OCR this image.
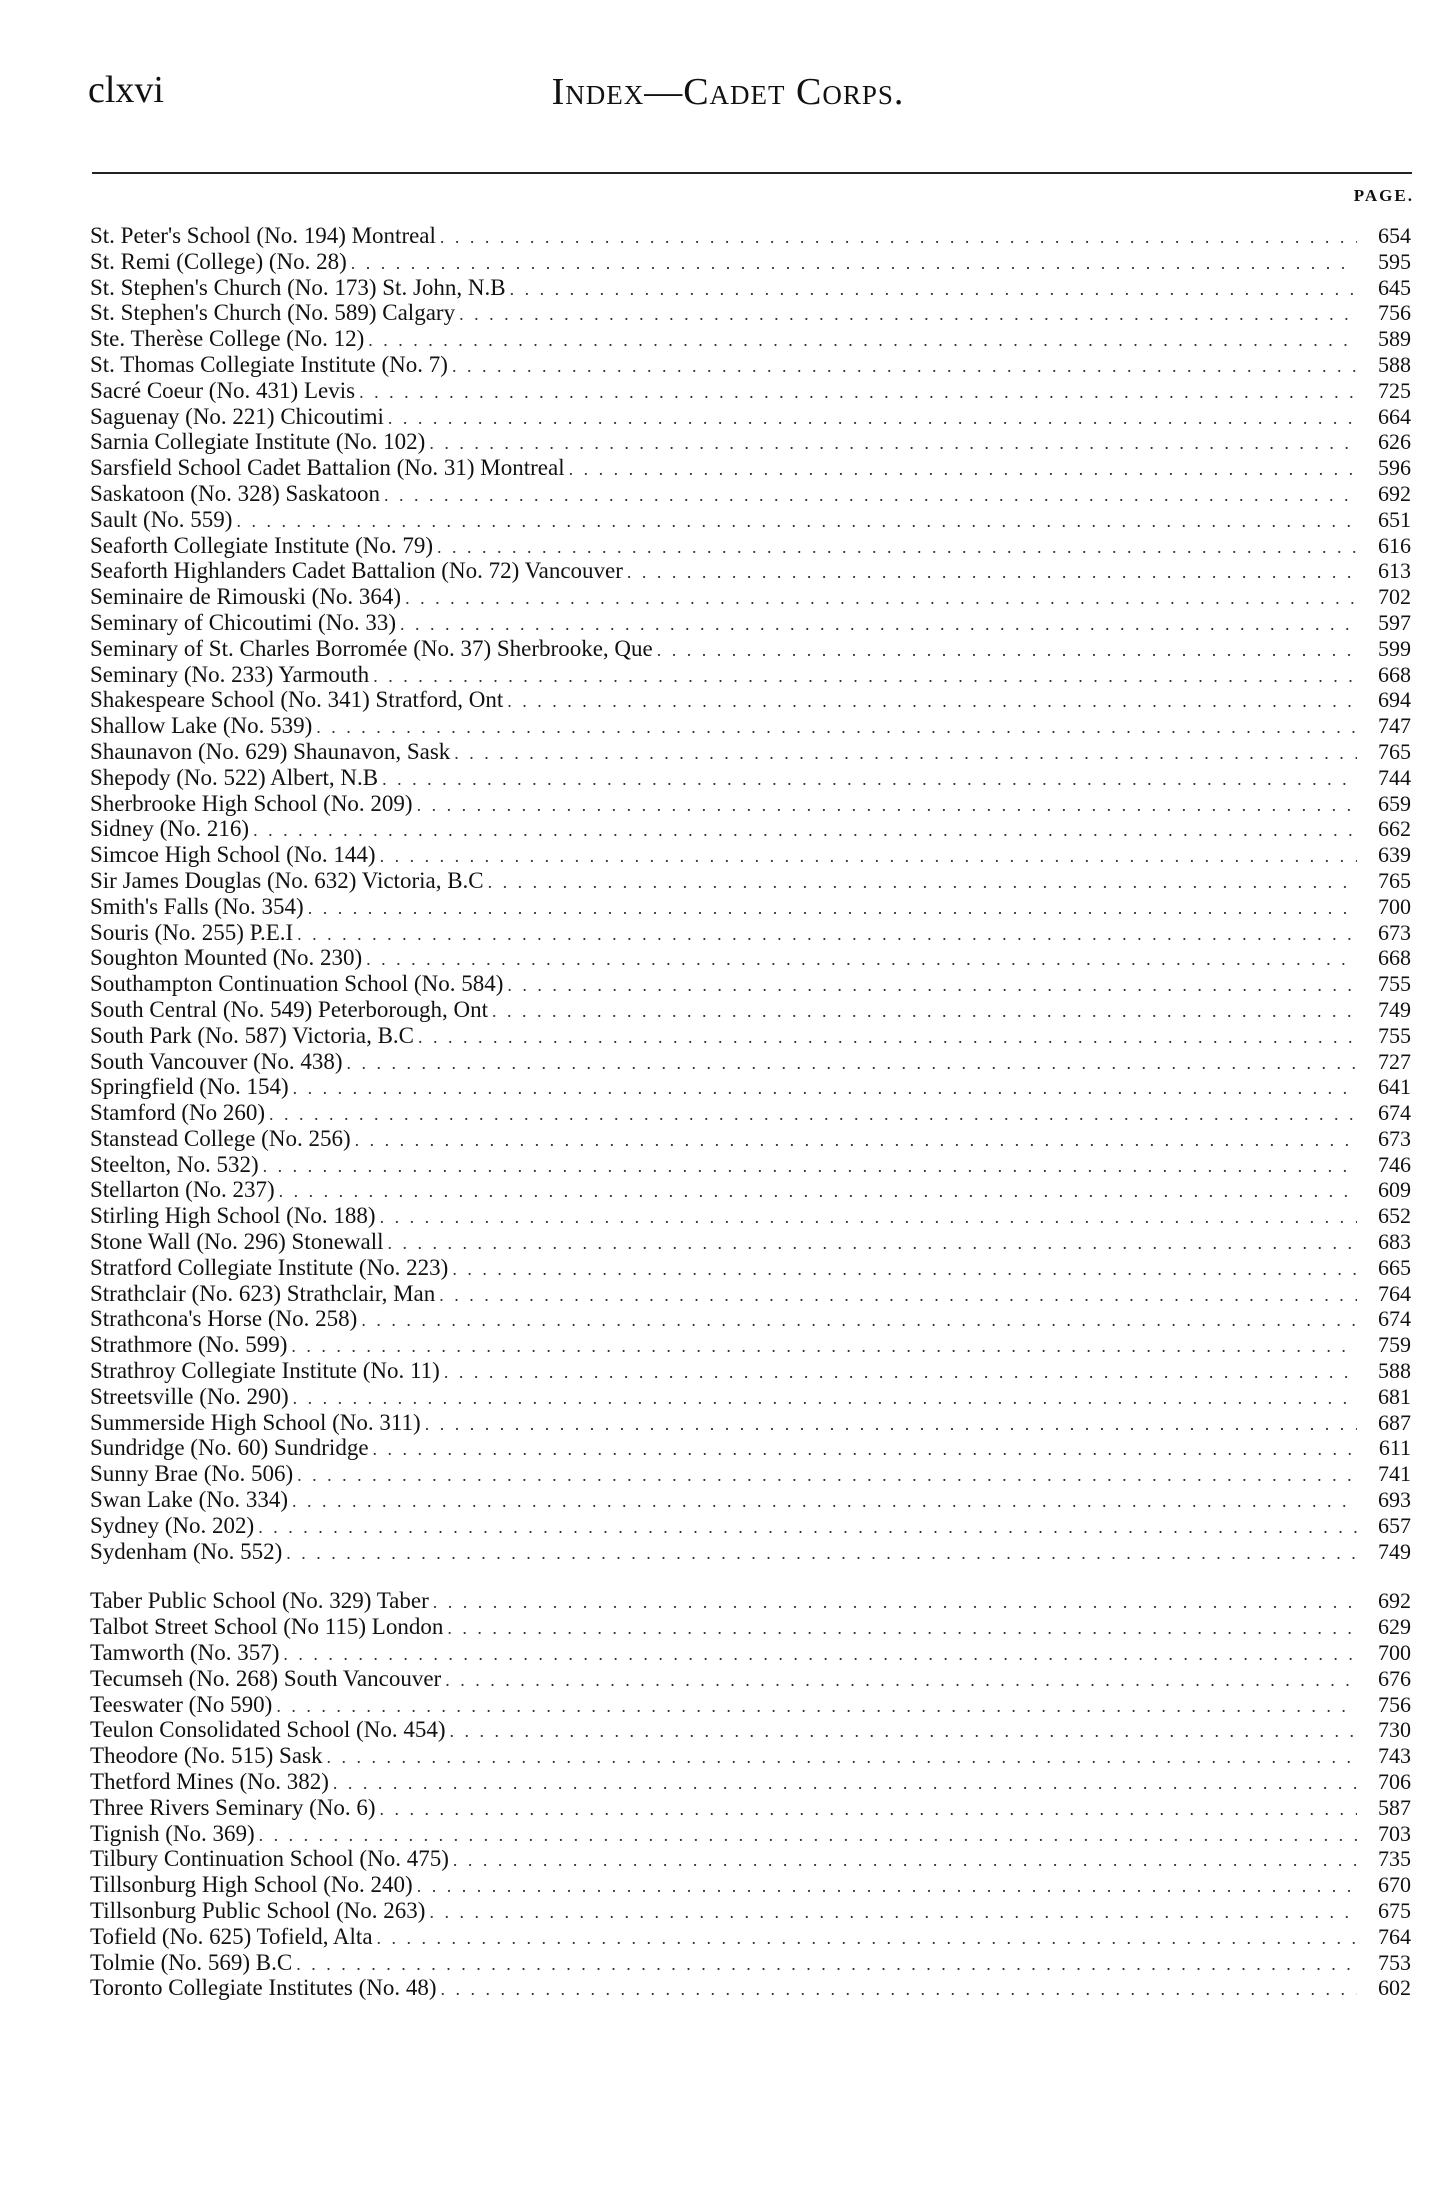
clxvi	Index—Cadet Corps.
PAGE.
St. Peter's School (No. 194) Montreal . . .	654
St. Remi (College) (No. 28) . . .	595
St. Stephen's Church (No. 173) St. John, N.B . . .	645
St. Stephen's Church (No. 589) Calgary . . .	756
Ste. Therèse College (No. 12) . . .	589
St. Thomas Collegiate Institute (No. 7) . . .	588
Sacré Coeur (No. 431) Levis . . .	725
Saguenay (No. 221) Chicoutimi . . .	664
Sarnia Collegiate Institute (No. 102) . . .	626
Sarsfield School Cadet Battalion (No. 31) Montreal . . .	596
Saskatoon (No. 328) Saskatoon . . .	692
Sault (No. 559) . . .	651
Seaforth Collegiate Institute (No. 79) . . .	616
Seaforth Highlanders Cadet Battalion (No. 72) Vancouver . . .	613
Seminaire de Rimouski (No. 364) . . .	702
Seminary of Chicoutimi (No. 33) . . .	597
Seminary of St. Charles Borromée (No. 37) Sherbrooke, Que . . .	599
Seminary (No. 233) Yarmouth . . .	668
Shakespeare School (No. 341) Stratford, Ont . . .	694
Shallow Lake (No. 539) . . .	747
Shaunavon (No. 629) Shaunavon, Sask . . .	765
Shepody (No. 522) Albert, N.B . . .	744
Sherbrooke High School (No. 209) . . .	659
Sidney (No. 216) . . .	662
Simcoe High School (No. 144) . . .	639
Sir James Douglas (No. 632) Victoria, B.C . . .	765
Smith's Falls (No. 354) . . .	700
Souris (No. 255) P.E.I . . .	673
Soughton Mounted (No. 230) . . .	668
Southampton Continuation School (No. 584) . . .	755
South Central (No. 549) Peterborough, Ont . . .	749
South Park (No. 587) Victoria, B.C . . .	755
South Vancouver (No. 438) . . .	727
Springfield (No. 154) . . .	641
Stamford (No 260) . . .	674
Stanstead College (No. 256) . . .	673
Steelton, No. 532) . . .	746
Stellarton (No. 237) . . .	609
Stirling High School (No. 188) . . .	652
Stone Wall (No. 296) Stonewall . . .	683
Stratford Collegiate Institute (No. 223) . . .	665
Strathclair (No. 623) Strathclair, Man . . .	764
Strathcona's Horse (No. 258) . . .	674
Strathmore (No. 599) . . .	759
Strathroy Collegiate Institute (No. 11) . . .	588
Streetsville (No. 290) . . .	681
Summerside High School (No. 311) . . .	687
Sundridge (No. 60) Sundridge . . .	611
Sunny Brae (No. 506) . . .	741
Swan Lake (No. 334) . . .	693
Sydney (No. 202) . . .	657
Sydenham (No. 552) . . .	749
Taber Public School (No. 329) Taber . . .	692
Talbot Street School (No 115) London . . .	629
Tamworth (No. 357) . . .	700
Tecumseh (No. 268) South Vancouver . . .	676
Teeswater (No 590) . . .	756
Teulon Consolidated School (No. 454) . . .	730
Theodore (No. 515) Sask . . .	743
Thetford Mines (No. 382) . . .	706
Three Rivers Seminary (No. 6) . . .	587
Tignish (No. 369) . . .	703
Tilbury Continuation School (No. 475) . . .	735
Tillsonburg High School (No. 240) . . .	670
Tillsonburg Public School (No. 263) . . .	675
Tofield (No. 625) Tofield, Alta . . .	764
Tolmie (No. 569) B.C . . .	753
Toronto Collegiate Institutes (No. 48) . . .	602
